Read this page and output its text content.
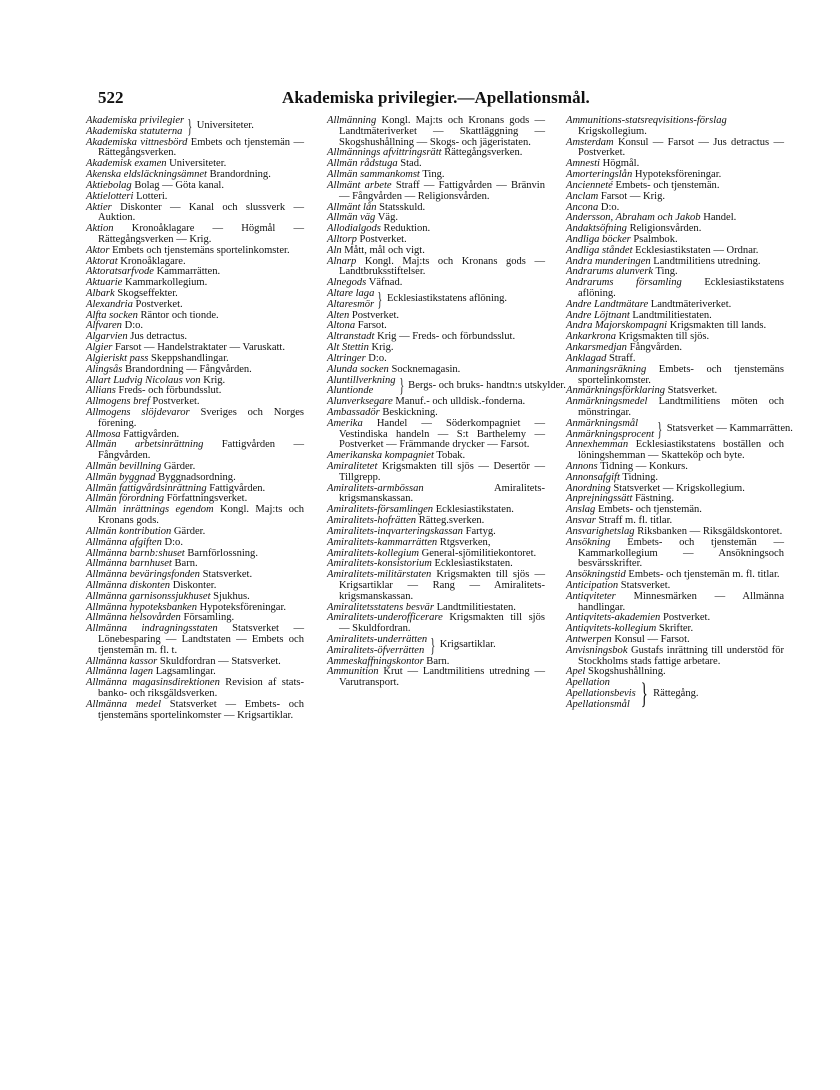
522	Akademiska privilegier.—Apellationsmål.

Akademiska privilegier
Akademiska statuterna } Universiteter.

Akademiska vittnesbörd Embets och tjenstemän — Rättegångsverken.

Akademisk examen Universiteter.

Akenska eldsläckningsämnet Brandordning.

Aktiebolag Bolag — Göta kanal.

Aktielotteri Lotteri.

Aktier Diskonter — Kanal och slussverk — Auktion.

Aktion Kronoåklagare — Högmål — Rättegångsverken — Krig.

Aktor Embets och tjenstemäns sportelinkomster.

Aktorat Kronoåklagare.

Aktoratsarfvode Kammarrätten.

Aktuarie Kammarkollegium.

Albark Skogseffekter.

Alexandria Postverket.

Alfta socken Räntor och tionde.

Alfvaren D:o.

Algarvien Jus detractus.

Algier Farsot — Handelstraktater — Varuskatt.

Algieriskt pass Skeppshandlingar.

Alingsås Brandordning — Fångvården.

Allart Ludvig Nicolaus von Krig.

Allians Freds- och förbundsslut.

Allmogens bref Postverket.

Allmogens slöjdevaror Sveriges och Norges förening.

Allmosa Fattigvården.

Allmän arbetsinrättning Fattigvården — Fångvården.

Allmän bevillning Gärder.

Allmän byggnad Byggnadsordning.

Allmän fattigvårdsinrättning Fattigvården.

Allmän förordning Författningsverket.

Allmän inrättnings egendom Kongl. Maj:ts och Kronans gods.

Allmän kontribution Gärder.

Allmänna afgiften D:o.

Allmänna barnb:shuset Barnförlossning.

Allmänna barnhuset Barn.

Allmänna beväringsfonden Statsverket.

Allmänna diskonten Diskonter.

Allmänna garnisonssjukhuset Sjukhus.

Allmänna hypoteksbanken Hypoteksföreningar.

Allmänna helsovården Församling.

Allmänna indragningsstaten Statsverket — Lönebesparing — Landtstaten — Embets och tjenstemän m. fl. t.

Allmänna kassor Skuldfordran — Statsverket.

Allmänna lagen Lagsamlingar.

Allmänna magasinsdirektionen Revision af stats- banko- och riksgäldsverken.

Allmänna medel Statsverket — Embets- och tjenstemäns sportelinkomster — Krigsartiklar.

Allmänning Kongl. Maj:ts och Kronans gods — Landtmäteriverket — Skattläggning — Skogshushållning — Skogs- och jägeristaten.

Allmännings afvittringsrätt Rättegångsverken.

Allmän rådstuga Stad.

Allmän sammankomst Ting.

Allmänt arbete Straff — Fattigvården — Bränvin — Fångvården — Religionsvården.

Allmänt lån Statsskuld.

Allmän väg Väg.

Allodialgods Reduktion.

Alltorp Postverket.

Aln Mått, mål och vigt.

Alnarp Kongl. Maj:ts och Kronans gods — Landtbruksstiftelser.

Alnegods Väfnad.

Altare laga
Altaresmör } Ecklesiastikstatens aflöning.

Alten Postverket.

Altona Farsot.

Altranstadt Krig — Freds- och förbundsslut.

Alt Stettin Krig.

Altringer D:o.

Alunda socken Socknemagasin.

Aluntillverkning
Aluntionde	} Bergs- och bruks- handtn:s utskylder.

Alunverksegare Manuf.- och ulldisk.-fonderna.

Ambassadör Beskickning.

Amerika Handel — Söderkompagniet — Vestindiska handeln — S:t Barthelemy — Postverket — Främmande drycker — Farsot.

Amerikanska kompagniet Tobak.

Amiralitetet Krigsmakten till sjös — Desertör — Tillgrepp.

Amiralitets-armbössan Amiralitets-krigsmanskassan.

Amiralitets-församlingen Ecklesiastikstaten.

Amiralitets-hofrätten Rätteg.sverken.

Amiralitets-inqvarteringskassan Fartyg.

Amiralitets-kammarrätten Rtgsverken,

Amiralitets-kollegium General-sjömilitiekontoret.

Amiralitets-konsistorium Ecklesiastikstaten.

Amiralitets-militärstaten Krigsmakten till sjös — Krigsartiklar — Rang — Amiralitets-krigsmanskassan.

Amiralitetsstatens besvär Landtmilitiestaten.

Amiralitets-underofficerare Krigsmakten till sjös — Skuldfordran.

Amiralitets-underrätten
Amiralitets-öfverrätten } Krigsartiklar.

Ammeskaffningskontor Barn.

Ammunition Krut — Landtmilitiens utredning — Varutransport.

Ammunitions-statsreqvisitions-förslag Krigskollegium.

Amsterdam Konsul — Farsot — Jus detractus — Postverket.

Amnesti Högmål.

Amorteringslån Hypoteksföreningar.

Ancienneté Embets- och tjenstemän.

Anclam Farsot — Krig.

Ancona D:o.

Andersson, Abraham och Jakob Handel.

Andaktsöfning Religionsvården.

Andliga böcker Psalmbok.

Andliga ståndet Ecklesiastikstaten — Ordnar.

Andra munderingen Landtmilitiens utredning.

Andrarums alunverk Ting.

Andrarums församling Ecklesiastikstatens aflöning.

Andre Landtmätare Landtmäteriverket.

Andre Löjtnant Landtmilitiestaten.

Andra Majorskompagni Krigsmakten till lands.

Ankarkrona Krigsmakten till sjös.

Ankarsmedjan Fångvården.

Anklagad Straff.

Anmaningsräkning Embets- och tjenstemäns sportelinkomster.

Anmärkningsförklaring Statsverket.

Anmärkningsmedel Landtmilitiens möten och mönstringar.

Anmärkningsmål
Anmärkningsprocent } Statsverket — Kammarrätten.

Annexhemman Ecklesiastikstatens boställen och löningshemman — Skatteköp och byte.

Annons Tidning — Konkurs.

Annonsafgift Tidning.

Anordning Statsverket — Krigskollegium.

Anprejningssätt Fästning.

Anslag Embets- och tjenstemän.

Ansvar Straff m. fl. titlar.

Ansvarighetslag Riksbanken — Riksgäldskontoret.

Ansökning Embets- och tjenstemän — Kammarkollegium — Ansökningsoch besvärsskrifter.

Ansökningstid Embets- och tjenstemän m. fl. titlar.

Anticipation Statsverket.

Antiqviteter Minnesmärken — Allmänna handlingar.

Antiqvitets-akademien Postverket.

Antiqvitets-kollegium Skrifter.

Antwerpen Konsul — Farsot.

Anvisningsbok Gustafs inrättning till understöd för Stockholms stads fattige arbetare.

Apel Skogshushållning.

Apellation
Apellationsbevis
Apellationsmål } Rättegång.
